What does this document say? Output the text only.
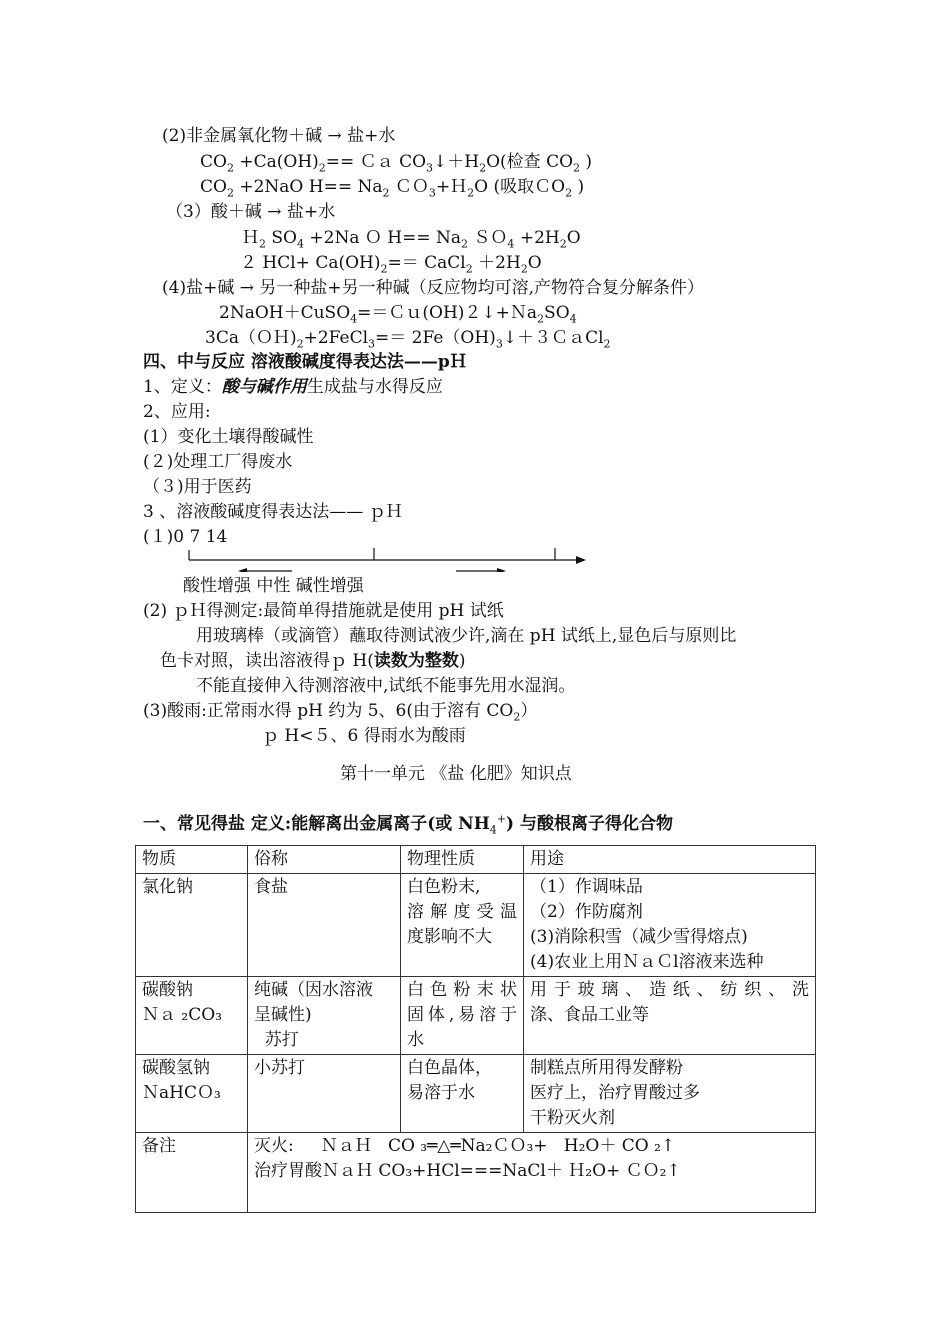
(2)非金属氧化物＋碱 → 盐+水
$CO_2 +Ca(OH)_2==$ Ｃａ $CO_3↓+H_2O$(检查 $CO_2$ )
$CO_2 +2NaO$ $H== Na_2$ ＣＯ$_3$+Ｈ$_2$O (吸取ＣO$_2$ )
（3）酸＋碱 → 盐+水
Ｈ$_2$ $SO_4 +2Na$ Ｏ $H== Na_2$ ＳＯ$_4$ $+2H_2O$
２ $HCl+ Ca(OH)_2==$ CaCl$_2$ $+2H_2O$
(4)盐+碱 → 另一种盐+另一种碱（反应物均可溶,产物符合复分解条件）
$2NaOH+CuSO_4==Cu(OH)2↓+Na_2SO_4$
$3Ca(OH)_2+2FeCl_3==$ $2Fe(OH)_3↓+3CaCl_2$
四、中与反应 溶液酸碱度得表达法——pＨ
1、定义：酸与碱作用生成盐与水得反应
2、应用:
(1）变化土壤得酸碱性
(２)处理工厂得废水
（３)用于医药
3 、溶液酸碱度得表达法—— ｐＨ
(１)0 7 14
酸性增强 中性 碱性增强
(2) ｐＨ得测定:最简单得措施就是使用 pH 试纸
用玻璃棒（或滴管）蘸取待测试液少许,滴在 pH 试纸上,显色后与原则比
色卡对照，读出溶液得ｐ H(读数为整数)
不能直接伸入待测溶液中,试纸不能事先用水湿润。
(3)酸雨:正常雨水得 pH 约为 5、6(由于溶有 $CO_2$）
ｐ H<５、6 得雨水为酸雨
第十一单元 《盐 化肥》知识点
一、常见得盐 定义:能解离出金属离子(或 $NH_4^+$) 与酸根离子得化合物
物质	俗称	物理性质	用途

氯化钠	食盐	白色粉末,
溶解度受温
度影响不大	（1）作调味品
（2）作防腐剂
(3)消除积雪（减少雪得熔点)
(4)农业上用ＮａＣl溶液来选种

碳酸钠
Ｎａ ₂CO₃	纯碱（因水溶液
呈碱性)
苏打	白色粉末状
固体,易溶于
水	用于玻璃、造纸、纺织、洗
涤、食品工业等

碳酸氢钠
ＮaHCＯ₃	小苏打	白色晶体，
易溶于水	制糕点所用得发酵粉
医疗上，治疗胃酸过多
干粉灭火剂

备注	灭火:     ＮａＨ   CO ₃═△═Na₂ＣＯ₃+   H₂O＋ CO ₂↑
治疗胃酸ＮａＨ CO₃+HCl===NaCl＋ Ｈ₂O+ ＣＯ₂↑		
